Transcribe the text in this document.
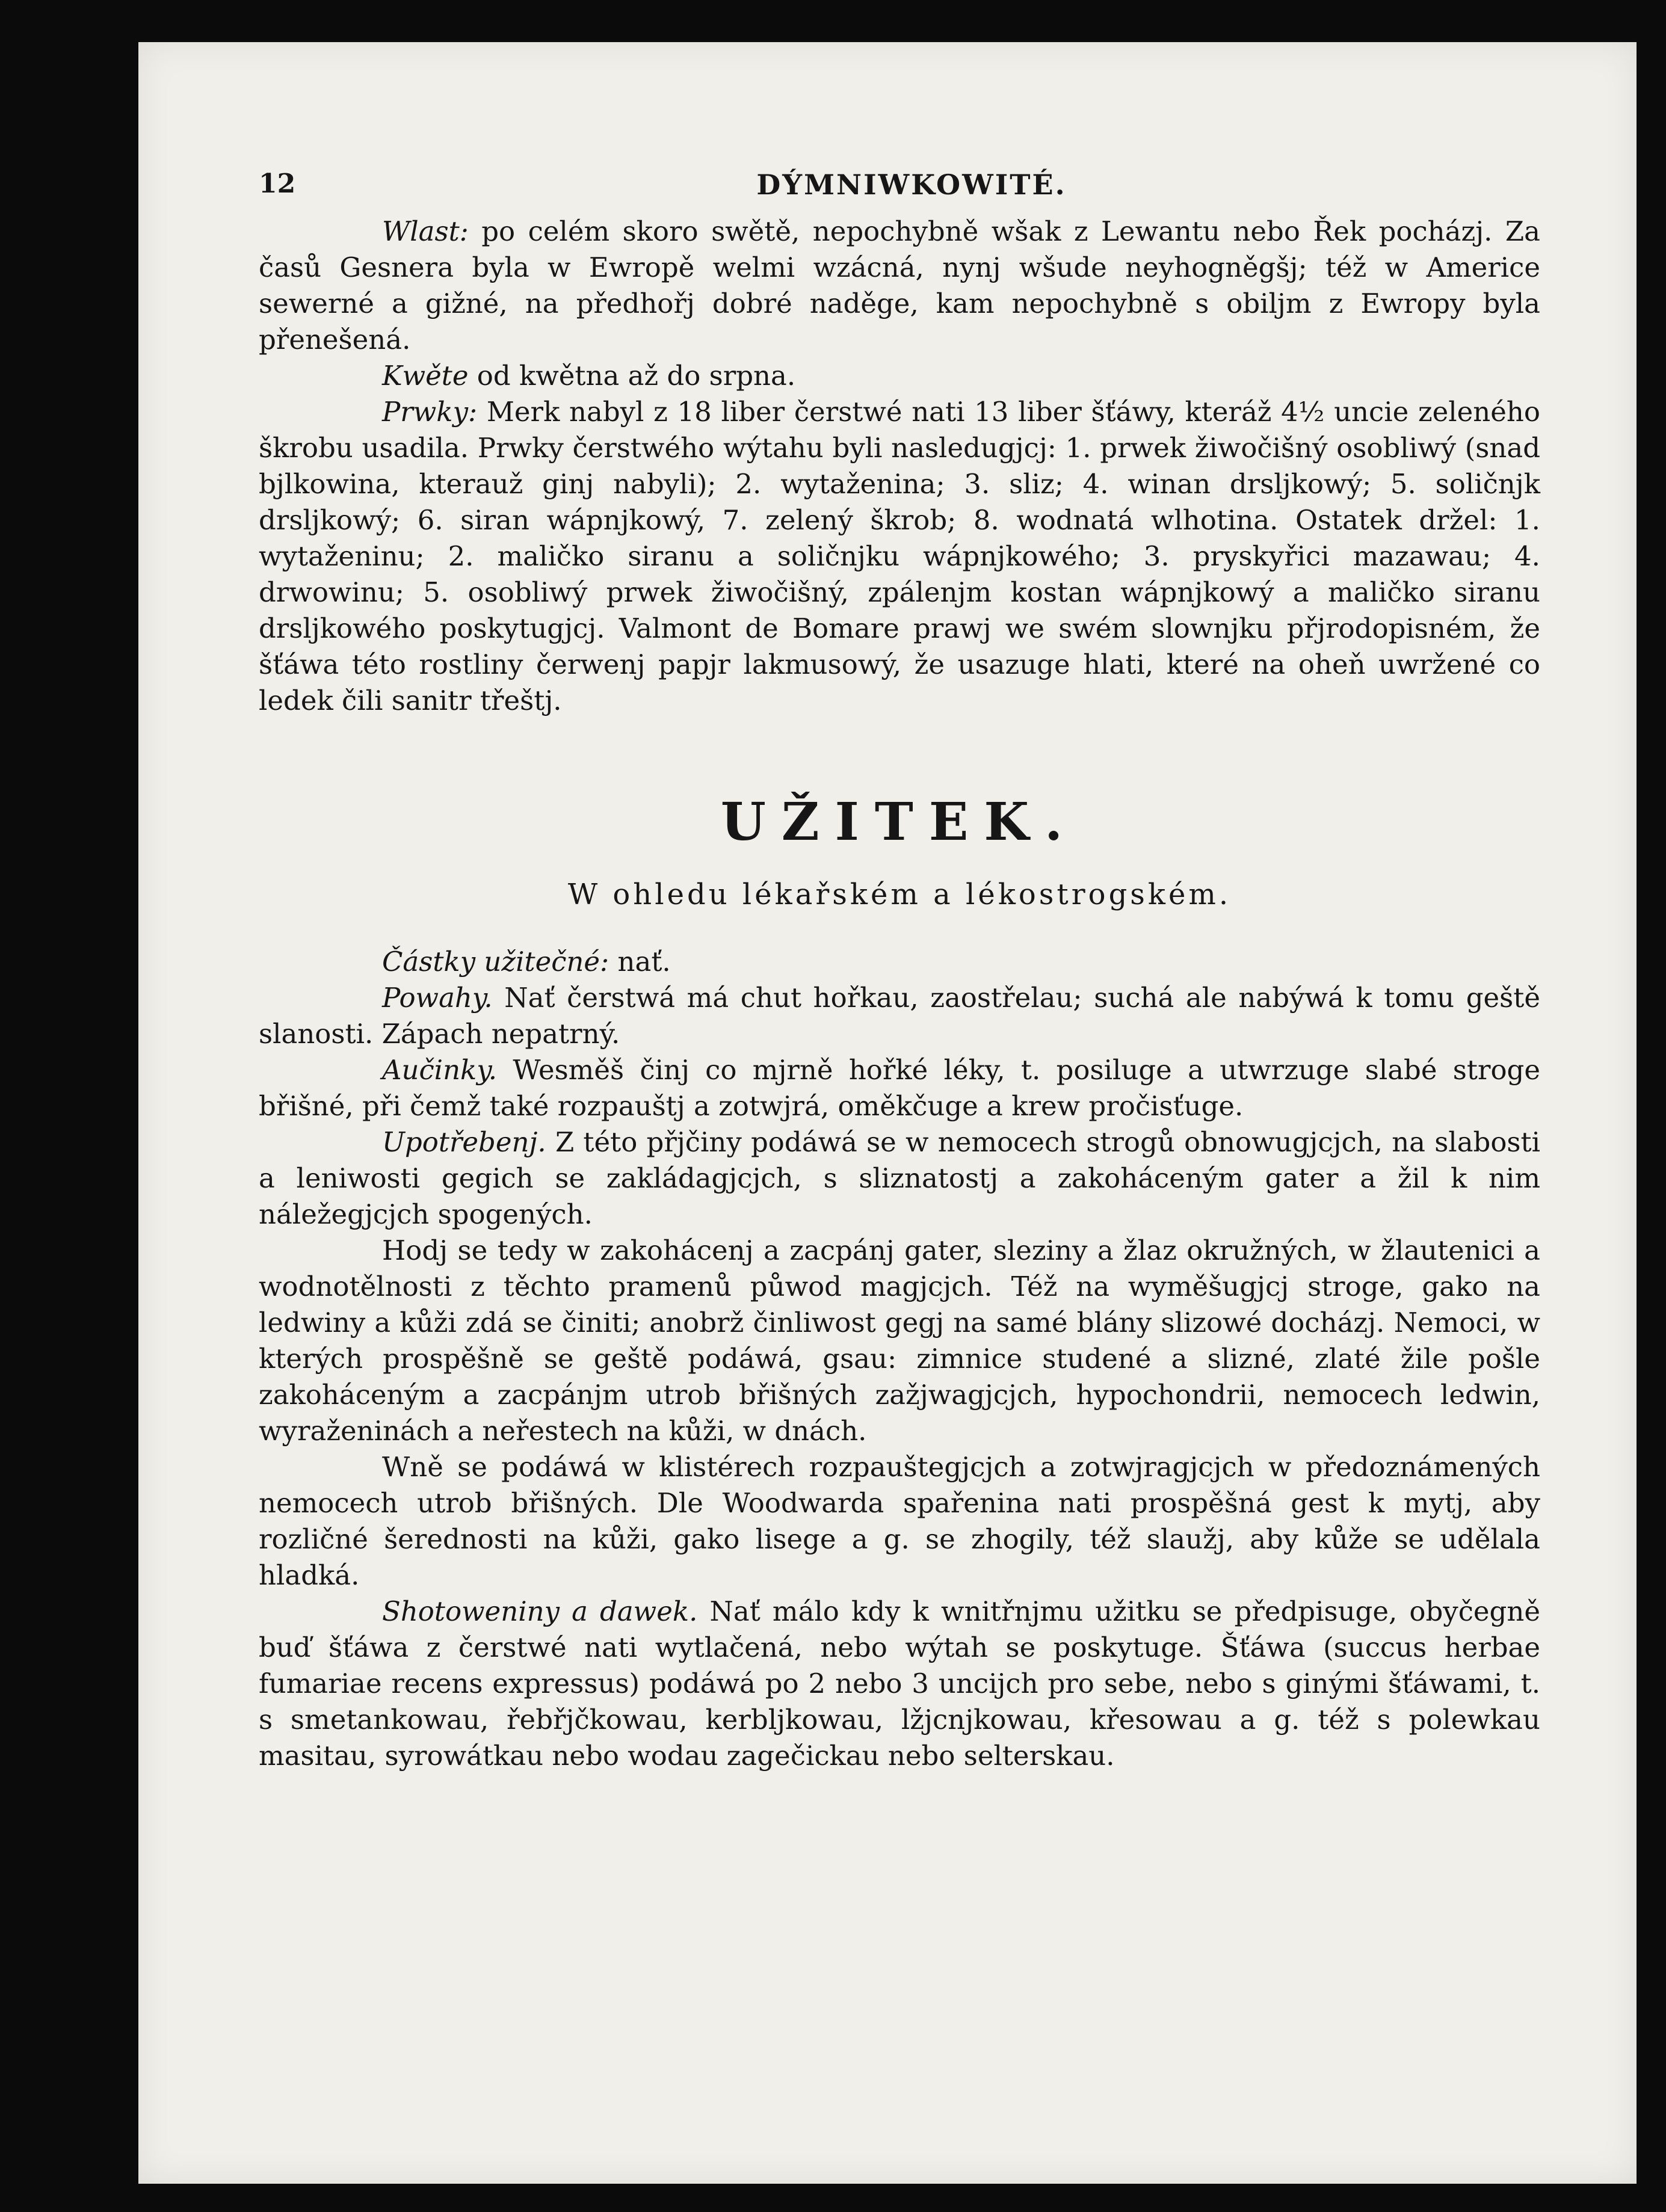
12	DÝMNIWKOWITÉ.

Wlast: po celém skoro swětě, nepochybně wšak z Lewantu nebo Řek pocházj. Za časů Gesnera byla w Ewropě welmi wzácná, nynj wšude neyhogněgšj; též w Americe sewerné a gižné, na předhořj dobré naděge, kam nepochybně s obiljm z Ewropy byla přenešená.

Kwěte od kwětna až do srpna.

Prwky: Merk nabyl z 18 liber čerstwé nati 13 liber šťáwy, kteráž 4½ uncie zeleného škrobu usadila. Prwky čerstwého wýtahu byli nasledugjcj: 1. prwek žiwočišný osobliwý (snad bjlkowina, kterauž ginj nabyli); 2. wytaženina; 3. sliz; 4. winan drsljkowý; 5. soličnjk drsljkowý; 6. siran wápnjkowý, 7. zelený škrob; 8. wodnatá wlhotina. Ostatek držel: 1. wytaženinu; 2. maličko siranu a soličnjku wápnjkowého; 3. pryskyřici mazawau; 4. drwowinu; 5. osobliwý prwek žiwočišný, zpálenjm kostan wápnjkowý a maličko siranu drsljkowého poskytugjcj. Valmont de Bomare prawj we swém slownjku přjrodopisném, že šťáwa této rostliny čerwenj papjr lakmusowý, že usazuge hlati, které na oheň uwržené co ledek čili sanitr třeštj.

UŽITEK.
W ohledu lékařském a lékostrogském.

Částky užitečné: nať.

Powahy. Nať čerstwá má chut hořkau, zaostřelau; suchá ale nabýwá k tomu geště slanosti. Zápach nepatrný.

Aučinky. Wesměš činj co mjrně hořké léky, t. posiluge a utwrzuge slabé stroge břišné, při čemž také rozpauštj a zotwjrá, oměkčuge a krew pročisťuge.

Upotřebenj. Z této přjčiny podáwá se w nemocech strogů obnowugjcjch, na slabosti a leniwosti gegich se zakládagjcjch, s sliznatostj a zakoháceným gater a žil k nim náležegjcjch spogených.

Hodj se tedy w zakohácenj a zacpánj gater, sleziny a žlaz okružných, w žlautenici a wodnotělnosti z těchto pramenů půwod magjcjch. Též na wyměšugjcj stroge, gako na ledwiny a kůži zdá se činiti; anobrž činliwost gegj na samé blány slizowé docházj. Nemoci, w kterých prospěšně se geště podáwá, gsau: zimnice studené a slizné, zlaté žile pošle zakoháceným a zacpánjm utrob břišných zažjwagjcjch, hypochondrii, nemocech ledwin, wyraženinách a neřestech na kůži, w dnách.

Wně se podáwá w klistérech rozpauštegjcjch a zotwjragjcjch w předoznámených nemocech utrob břišných. Dle Woodwarda spařenina nati prospěšná gest k mytj, aby rozličné šerednosti na kůži, gako lisege a g. se zhogily, též slaužj, aby kůže se udělala hladká.

Shotoweniny a dawek. Nať málo kdy k wnitřnjmu užitku se předpisuge, obyčegně buď šťáwa z čerstwé nati wytlačená, nebo wýtah se poskytuge. Šťáwa (succus herbae fumariae recens expressus) podáwá po 2 nebo 3 uncijch pro sebe, nebo s ginými šťáwami, t. s smetankowau, řebřjčkowau, kerbljkowau, lžjcnjkowau, křesowau a g. též s polewkau masitau, syrowátkau nebo wodau zagečickau nebo selterskau.
